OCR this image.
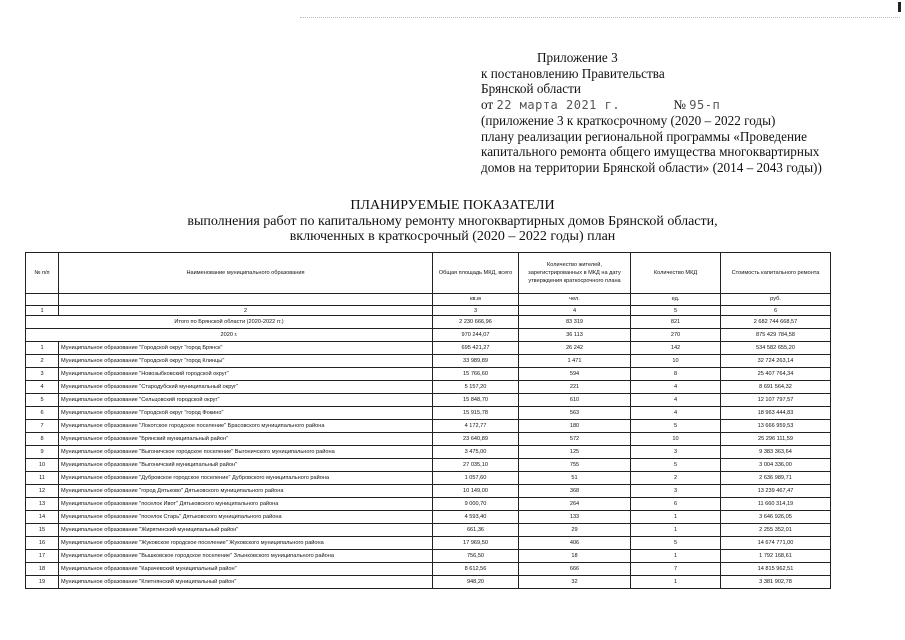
Приложение 3
к постановлению Правительства
Брянской области
от 22 марта 2021 г.	№ 95-п
(приложение 3 к краткосрочному (2020 – 2022 годы)
плану реализации региональной программы «Проведение
капитального ремонта общего имущества многоквартирных
домов на территории Брянской области» (2014 – 2043 годы))
ПЛАНИРУЕМЫЕ ПОКАЗАТЕЛИ
выполнения работ по капитальному ремонту многоквартирных домов Брянской области,
включенных в краткосрочный (2020 – 2022 годы) план
№ п/п	Наименование муниципального образования	Общая площадь МКД, всего	Количество жителей, зарегистрированных в МКД на дату утверждения краткосрочного плана	Количество МКД	Стоимость капитального ремонта
		кв.м	чел.	ед.	руб.
1	2	3	4	5	6
Итого по Брянской области (2020-2022 гг.)		2 230 666,96	83 319	821	2 682 744 668,57
2020 г.		970 244,07	36 113	270	875 429 784,58
1	Муниципальное образование "Городской округ "город Брянск"	695 421,27	26 242	142	534 582 655,20
2	Муниципальное образование "Городской округ "город Клинцы"	33 989,89	1 471	10	32 724 263,14
3	Муниципальное образование "Новозыбковский городской округ"	15 766,60	594	8	25 407 764,34
4	Муниципальное образование "Стародубский муниципальный округ"	5 157,20	221	4	8 691 564,32
5	Муниципальное образование "Сельцовский городской округ"	15 848,70	610	4	12 107 797,57
6	Муниципальное образование "Городской округ "город Фокино"	15 915,78	563	4	18 963 444,83
7	Муниципальное образование "Локотское городское поселение" Брасовского муниципального района	4 172,77	180	5	13 666 959,53
8	Муниципальное образование "Брянский муниципальный район"	23 640,89	572	10	25 296 111,59
9	Муниципальное образование "Выгоничское городское поселение" Выгоничского муниципального района	3 475,00	125	3	9 383 363,64
10	Муниципальное образование "Выгоничский муниципальный район"	27 035,10	755	5	3 004 336,00
11	Муниципальное образование "Дубровское городское поселение" Дубровского муниципального района	1 057,60	51	2	2 636 989,71
12	Муниципальное образование "город Дятьково" Дятьковского муниципального района	10 149,00	368	3	13 239 467,47
13	Муниципальное образование "поселок Ивот" Дятьковского муниципального района	9 000,70	264	6	11 660 314,19
14	Муниципальное образование "поселок Старь" Дятьковского муниципального района	4 593,40	133	1	3 646 926,05
15	Муниципальное образование "Жирятинский муниципальный район"	661,36	29	1	2 255 352,01
16	Муниципальное образование "Жуковское городское поселение" Жуковского муниципального района	17 969,50	406	5	14 674 771,00
17	Муниципальное образование "Вышковское городское поселение" Злынковского муниципального района	756,50	18	1	1 792 168,61
18	Муниципальное образование "Карачевский муниципальный район"	8 612,56	666	7	14 815 962,51
19	Муниципальное образование "Клетнянский муниципальный район"	948,20	32	1	3 381 902,78
